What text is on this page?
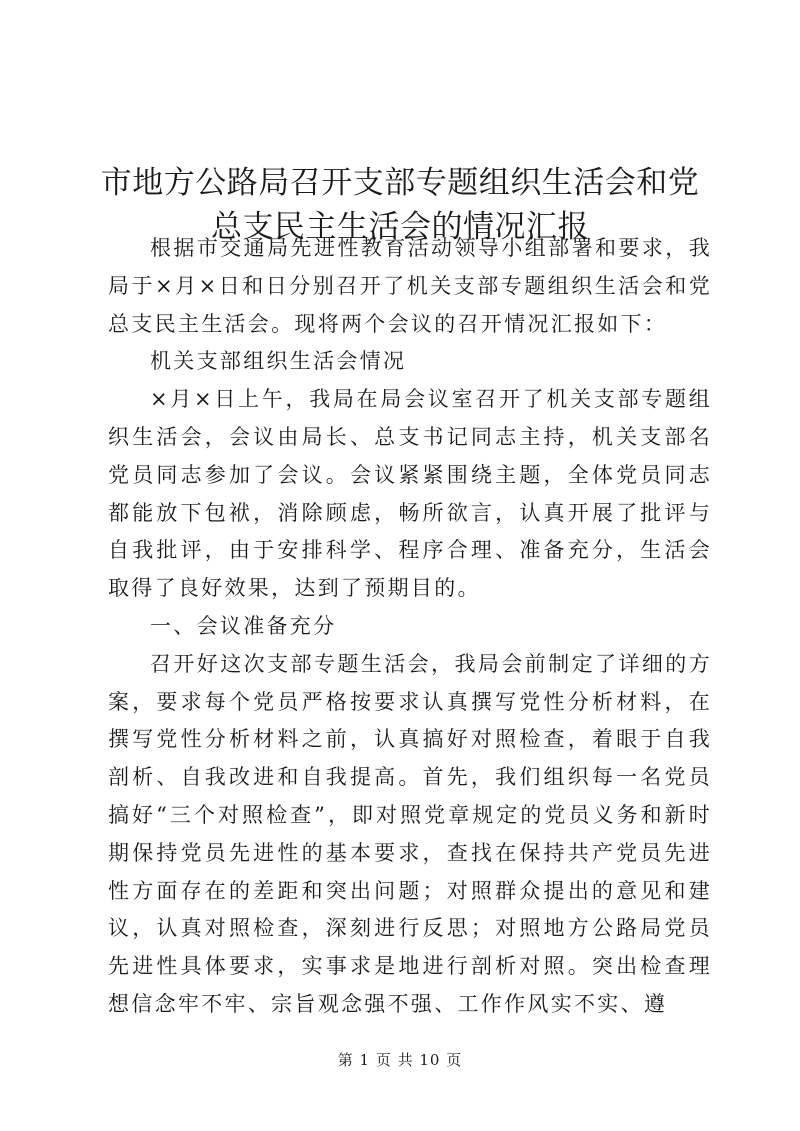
市地方公路局召开支部专题组织生活会和党总支民主生活会的情况汇报

根据市交通局先进性教育活动领导小组部署和要求，我局于×月×日和日分别召开了机关支部专题组织生活会和党总支民主生活会。现将两个会议的召开情况汇报如下：

机关支部组织生活会情况

×月×日上午，我局在局会议室召开了机关支部专题组织生活会，会议由局长、总支书记同志主持，机关支部名党员同志参加了会议。会议紧紧围绕主题，全体党员同志都能放下包袱，消除顾虑，畅所欲言，认真开展了批评与自我批评，由于安排科学、程序合理、准备充分，生活会取得了良好效果，达到了预期目的。

一、会议准备充分

召开好这次支部专题生活会，我局会前制定了详细的方案，要求每个党员严格按要求认真撰写党性分析材料，在撰写党性分析材料之前，认真搞好对照检查，着眼于自我剖析、自我改进和自我提高。首先，我们组织每一名党员搞好“三个对照检查”，即对照党章规定的党员义务和新时期保持党员先进性的基本要求，查找在保持共产党员先进性方面存在的差距和突出问题；对照群众提出的意见和建议，认真对照检查，深刻进行反思；对照地方公路局党员先进性具体要求，实事求是地进行剖析对照。突出检查理想信念牢不牢、宗旨观念强不强、工作作风实不实、遵

第 1 页 共 10 页
